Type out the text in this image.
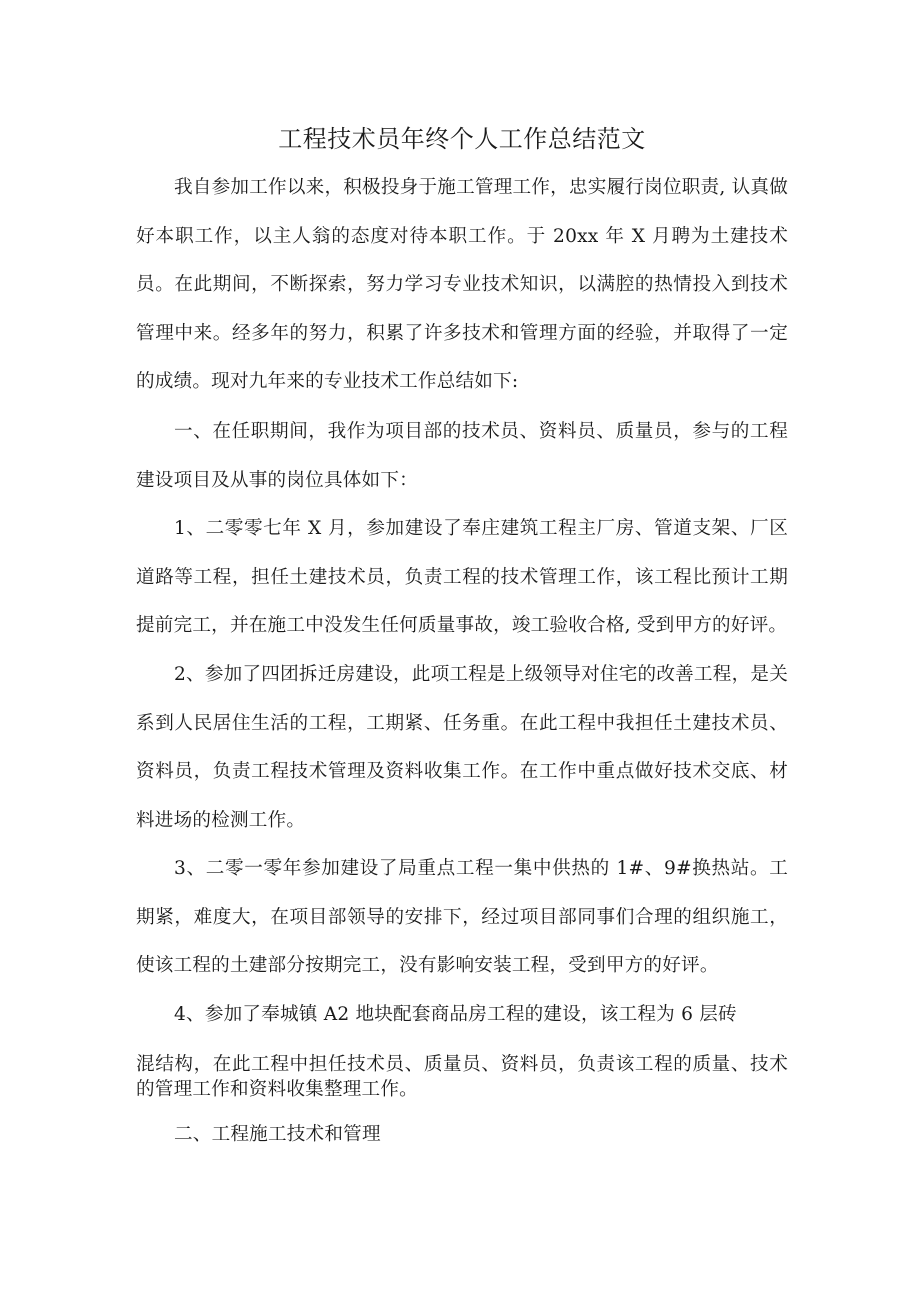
工程技术员年终个人工作总结范文

我自参加工作以来，积极投身于施工管理工作，忠实履行岗位职责, 认真做好本职工作，以主人翁的态度对待本职工作。于 20xx 年 X 月聘为土建技术员。在此期间，不断探索，努力学习专业技术知识，以满腔的热情投入到技术管理中来。经多年的努力，积累了许多技术和管理方面的经验，并取得了一定的成绩。现对九年来的专业技术工作总结如下:

一、在任职期间，我作为项目部的技术员、资料员、质量员，参与的工程建设项目及从事的岗位具体如下：

1、二零零七年 X 月，参加建设了奉庄建筑工程主厂房、管道支架、厂区道路等工程，担任土建技术员，负责工程的技术管理工作，该工程比预计工期提前完工，并在施工中没发生任何质量事故，竣工验收合格, 受到甲方的好评。

2、参加了四团拆迁房建设，此项工程是上级领导对住宅的改善工程，是关系到人民居住生活的工程，工期紧、任务重。在此工程中我担任土建技术员、资料员，负责工程技术管理及资料收集工作。在工作中重点做好技术交底、材料进场的检测工作。

3、二零一零年参加建设了局重点工程一集中供热的 1#、9#换热站。工期紧，难度大，在项目部领导的安排下，经过项目部同事们合理的组织施工，使该工程的土建部分按期完工，没有影响安装工程，受到甲方的好评。

4、参加了奉城镇 A2 地块配套商品房工程的建设，该工程为 6 层砖

混结构，在此工程中担任技术员、质量员、资料员，负责该工程的质量、技术的管理工作和资料收集整理工作。

二、工程施工技术和管理
